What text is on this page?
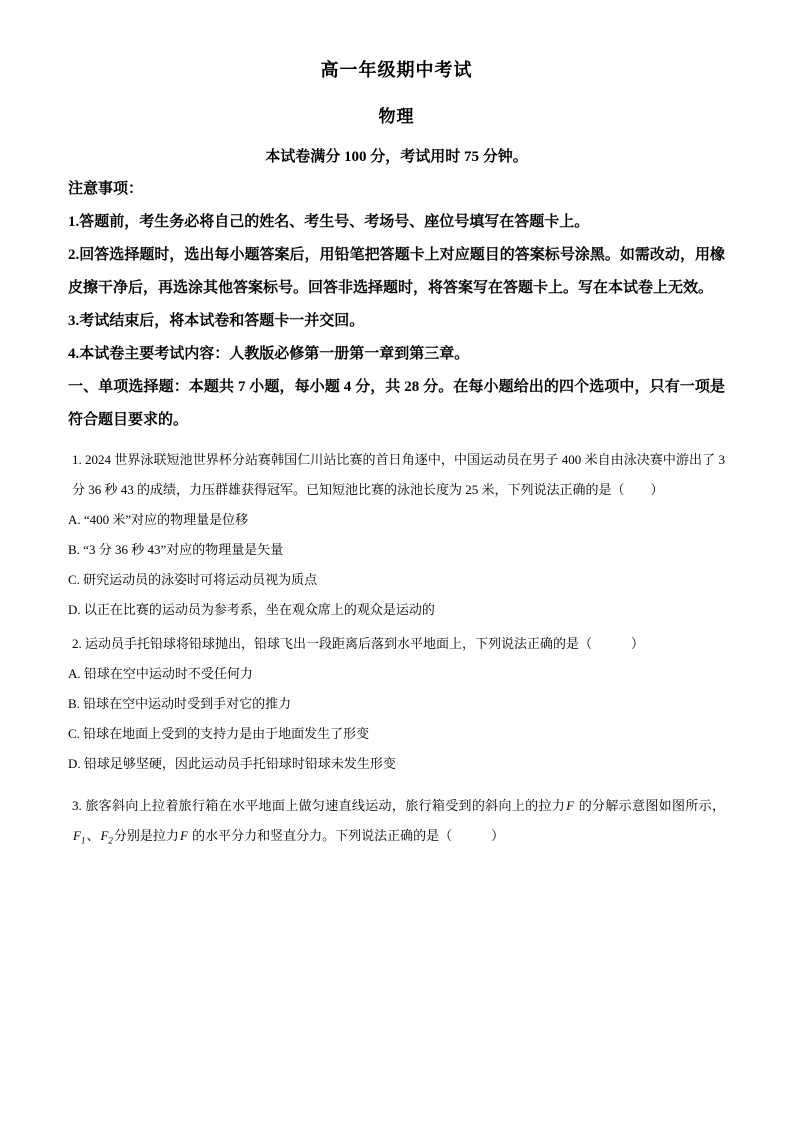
高一年级期中考试
物理

本试卷满分 100 分，考试用时 75 分钟。

注意事项：

1.答题前，考生务必将自己的姓名、考生号、考场号、座位号填写在答题卡上。

2.回答选择题时，选出每小题答案后，用铅笔把答题卡上对应题目的答案标号涂黑。如需改动，用橡皮擦干净后，再选涂其他答案标号。回答非选择题时，将答案写在答题卡上。写在本试卷上无效。

3.考试结束后，将本试卷和答题卡一并交回。

4.本试卷主要考试内容：人教版必修第一册第一章到第三章。

一、单项选择题：本题共 7 小题，每小题 4 分，共 28 分。在每小题给出的四个选项中，只有一项是符合题目要求的。

1. 2024 世界泳联短池世界杯分站赛韩国仁川站比赛的首日角逐中，中国运动员在男子 400 米自由泳决赛中游出了 3 分 36 秒 43 的成绩，力压群雄获得冠军。已知短池比赛的泳池长度为 25 米，下列说法正确的是（　　）

A. “400 米”对应的物理量是位移

B. “3 分 36 秒 43”对应的物理量是矢量

C. 研究运动员的泳姿时可将运动员视为质点

D. 以正在比赛的运动员为参考系，坐在观众席上的观众是运动的

2. 运动员手托铅球将铅球抛出，铅球飞出一段距离后落到水平地面上，下列说法正确的是（　　　）

A. 铅球在空中运动时不受任何力

B. 铅球在空中运动时受到手对它的推力

C. 铅球在地面上受到的支持力是由于地面发生了形变

D. 铅球足够坚硬，因此运动员手托铅球时铅球未发生形变

3. 旅客斜向上拉着旅行箱在水平地面上做匀速直线运动，旅行箱受到的斜向上的拉力F 的分解示意图如图所示，$F_1$、$F_2$分别是拉力F 的水平分力和竖直分力。下列说法正确的是（　　　）
